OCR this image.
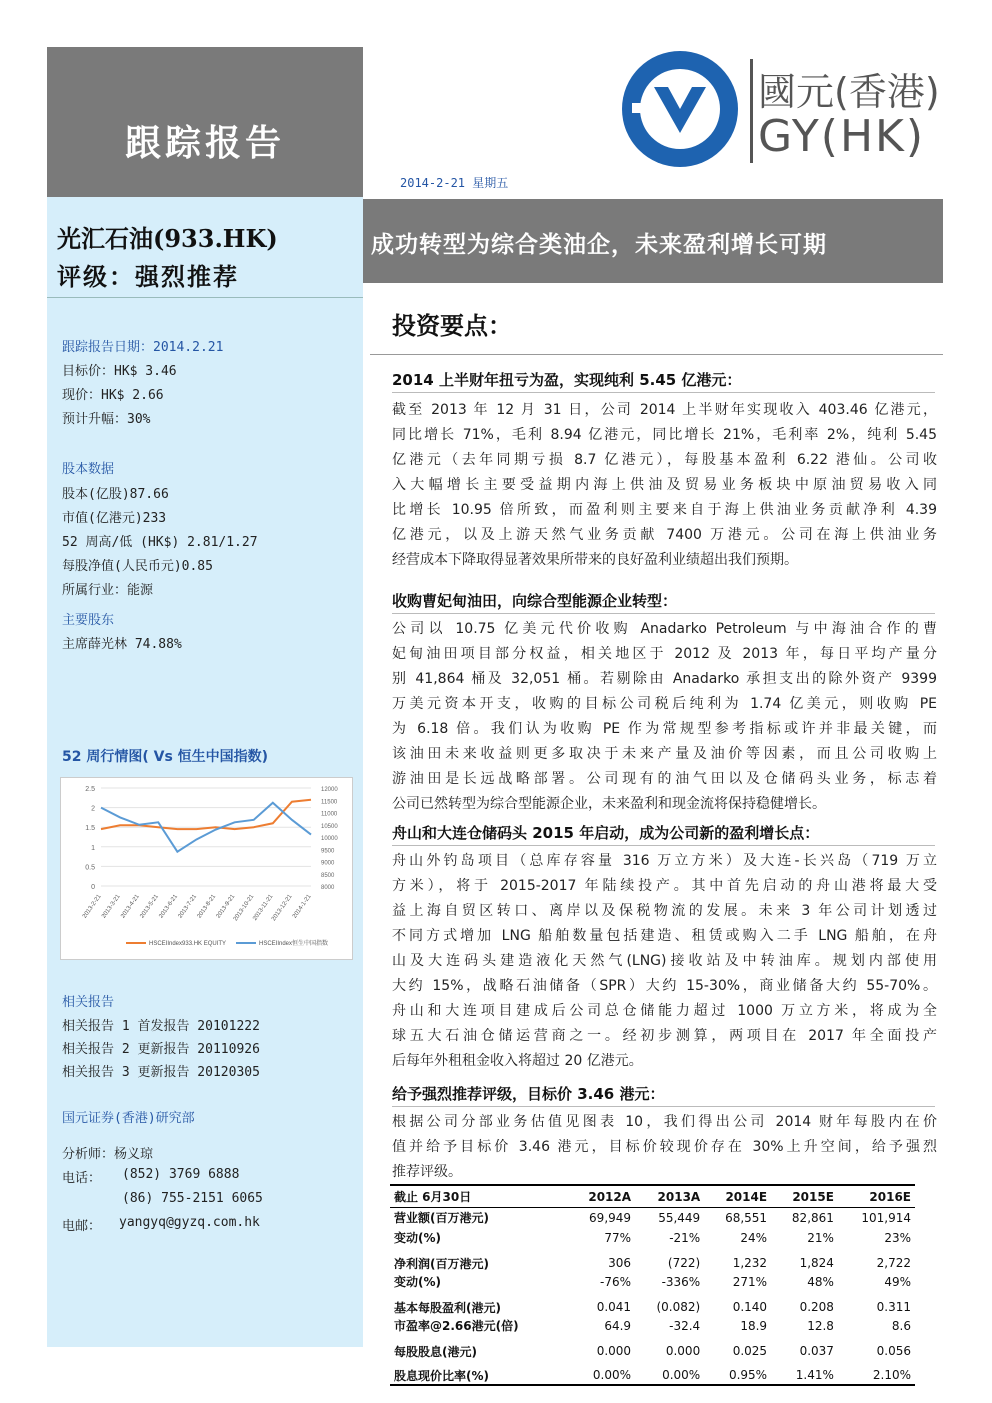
跟踪报告
2014-2-21 星期五
國元(香港)
GY(HK)
成功转型为综合类油企，未来盈利增长可期
光汇石油(933.HK)
评级：强烈推荐
跟踪报告日期：2014.2.21
目标价：HK$ 3.46
现价：HK$ 2.66
预计升幅：30%
股本数据
股本(亿股)87.66
市值(亿港元)233
52 周高/低 (HK$) 2.81/1.27
每股净值(人民币元)0.85
所属行业：能源
主要股东
主席薛光林 74.88%
52 周行情图( Vs 恒生中国指数)
0
0.5
1
1.5
2
2.5
8000
8500
9000
9500
10000
10500
11000
11500
12000
2013-2-21
2013-3-21
2013-4-21
2013-5-21
2013-6-21
2013-7-21
2013-8-21
2013-9-21
2013-10-21
2013-11-21
2013-12-21
2014-1-21
HSCEIIndex933.HK EQUITY	HSCEIIndex恒生中国指数
相关报告
相关报告 1 首发报告 20101222
相关报告 2 更新报告 20110926
相关报告 3 更新报告 20120305
国元证券(香港)研究部
分析师：杨义琼
电话： (852) 3769 6888
(86) 755-2151 6065
电邮： yangyq@gyzq.com.hk
投资要点：
2014 上半财年扭亏为盈，实现纯利 5.45 亿港元：
截至 2013 年 12 月 31 日，公司 2014 上半财年实现收入 403.46 亿港元，
同比增长 71%，毛利 8.94 亿港元，同比增长 21%，毛利率 2%，纯利 5.45
亿港元（去年同期亏损 8.7 亿港元），每股基本盈利 6.22 港仙。公司收
入大幅增长主要受益期内海上供油及贸易业务板块中原油贸易收入同
比增长 10.95 倍所致，而盈利则主要来自于海上供油业务贡献净利 4.39
亿港元，以及上游天然气业务贡献 7400 万港元。公司在海上供油业务
经营成本下降取得显著效果所带来的良好盈利业绩超出我们预期。
收购曹妃甸油田，向综合型能源企业转型：
公司以 10.75 亿美元代价收购 Anadarko Petroleum 与中海油合作的曹
妃甸油田项目部分权益，相关地区于 2012 及 2013 年，每日平均产量分
别 41,864 桶及 32,051 桶。若剔除由 Anadarko 承担支出的除外资产 9399
万美元资本开支，收购的目标公司税后纯利为 1.74 亿美元，则收购 PE
为 6.18 倍。我们认为收购 PE 作为常规型参考指标或许并非最关键，而
该油田未来收益则更多取决于未来产量及油价等因素，而且公司收购上
游油田是长远战略部署。公司现有的油气田以及仓储码头业务，标志着
公司已然转型为综合型能源企业，未来盈利和现金流将保持稳健增长。
舟山和大连仓储码头 2015 年启动，成为公司新的盈利增长点：
舟山外钓岛项目（总库存容量 316 万立方米）及大连-长兴岛（719 万立
方米），将于 2015-2017 年陆续投产。其中首先启动的舟山港将最大受
益上海自贸区转口、离岸以及保税物流的发展。未来 3 年公司计划透过
不同方式增加 LNG 船舶数量包括建造、租赁或购入二手 LNG 船舶，在舟
山及大连码头建造液化天然气(LNG)接收站及中转油库。规划内部使用
大约 15%，战略石油储备（SPR）大约 15-30%，商业储备大约 55-70%。
舟山和大连项目建成后公司总仓储能力超过 1000 万立方米，将成为全
球五大石油仓储运营商之一。经初步测算，两项目在 2017 年全面投产
后每年外租租金收入将超过 20 亿港元。
给予强烈推荐评级，目标价 3.46 港元：
根据公司分部业务估值见图表 10，我们得出公司 2014 财年每股内在价
值并给予目标价 3.46 港元，目标价较现价存在 30%上升空间，给予强烈
推荐评级。
截止 6月30日	2012A	2013A	2014E	2015E	2016E
营业额(百万港元)	69,949	55,449	68,551	82,861	101,914
变动(%)	77%	-21%	24%	21%	23%
净利润(百万港元)	306	(722)	1,232	1,824	2,722
变动(%)	-76%	-336%	271%	48%	49%
基本每股盈利(港元)	0.041	(0.082)	0.140	0.208	0.311
市盈率@2.66港元(倍)	64.9	-32.4	18.9	12.8	8.6
每股股息(港元)	0.000	0.000	0.025	0.037	0.056
股息现价比率(%)	0.00%	0.00%	0.95%	1.41%	2.10%
